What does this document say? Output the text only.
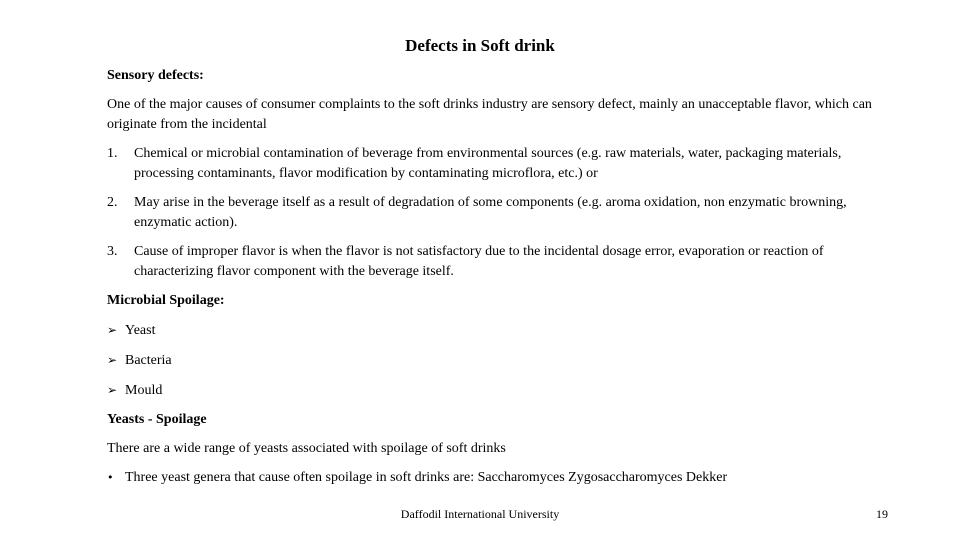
Defects in Soft drink
Sensory defects:
One of the major causes of consumer complaints to the soft drinks industry are sensory defect, mainly an unacceptable flavor, which can originate from the incidental
1. Chemical or microbial contamination of beverage from environmental sources (e.g. raw materials, water, packaging materials, processing contaminants, flavor modification by contaminating microflora, etc.) or
2. May arise in the beverage itself as a result of degradation of some components (e.g. aroma oxidation, non enzymatic browning, enzymatic action).
3. Cause of improper flavor is when the flavor is not satisfactory due to the incidental dosage error, evaporation or reaction of characterizing flavor component with the beverage itself.
Microbial Spoilage:
➢ Yeast
➢ Bacteria
➢ Mould
Yeasts - Spoilage
There are a wide range of yeasts associated with spoilage of soft drinks
• Three yeast genera that cause often spoilage in soft drinks are: Saccharomyces Zygosaccharomyces Dekker
Daffodil International University	19
